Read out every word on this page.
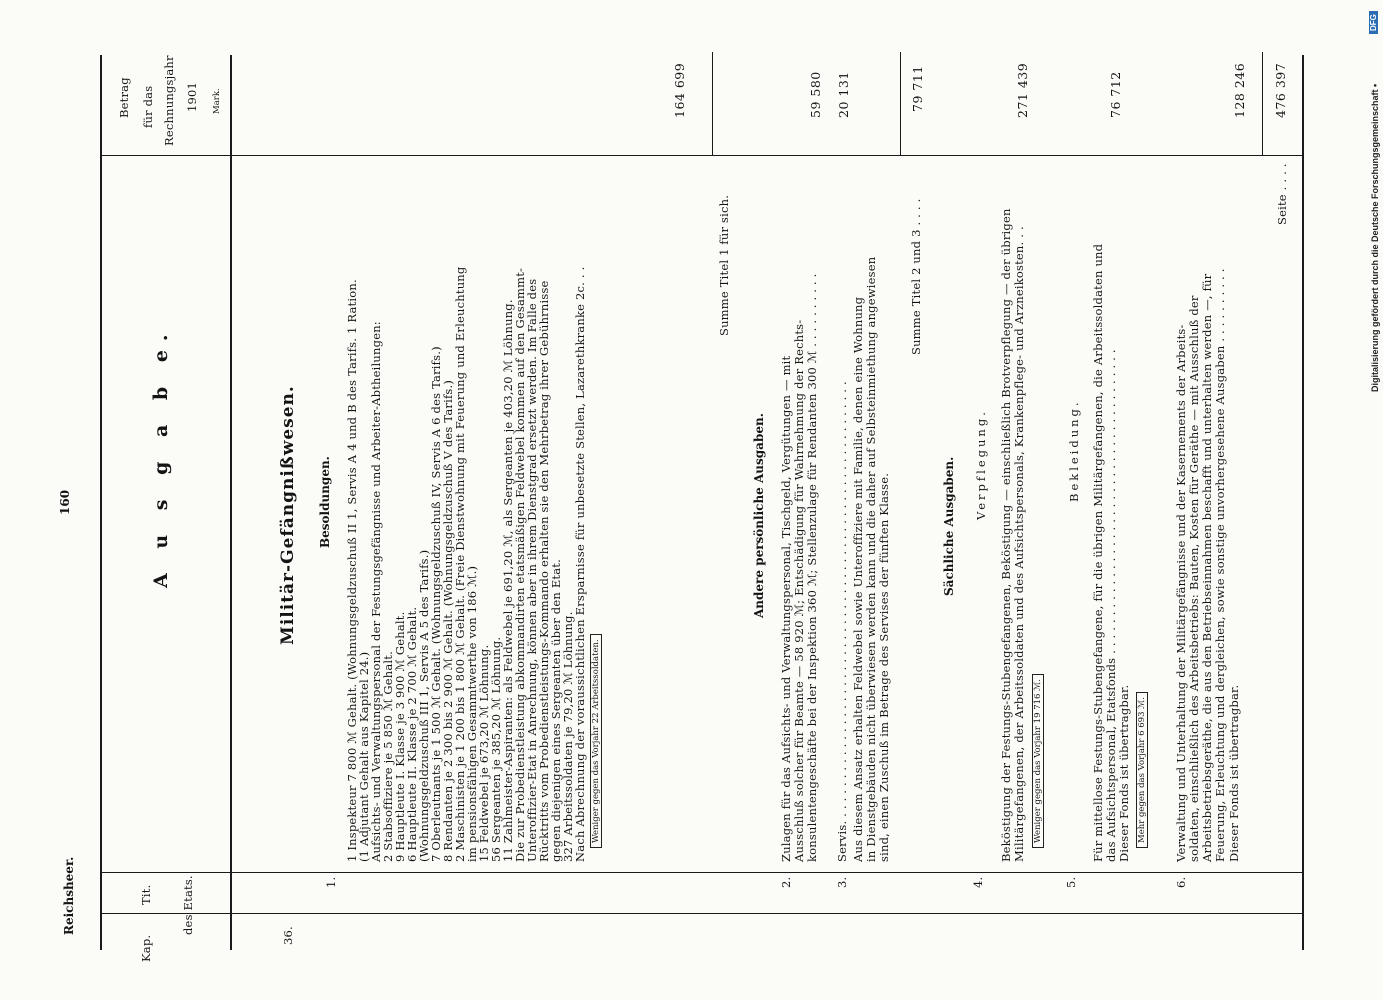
Reichsheer.
160
Kap.
Tit. des Etats.
A u s g a b e.
Betrag für das Rechnungsjahr 1901 Mark.
36.
Militär-Gefängnißwesen. Besoldungen.
1.
1 Inspekteur 7 800 ℳ Gehalt. (Wohnungsgeldzuschuß II 1, Servis A 4 und B des Tarifs. 1 Ration.
(1 Adjutant Gehalt aus Kapitel 24.)
Aufsichts- und Verwaltungspersonal der Festungsgefängnisse und Arbeiter-Abtheilungen:
2 Stabsoffiziere je 5 850 ℳ Gehalt.
9 Hauptleute I. Klasse je 3 900 ℳ Gehalt.
6 Hauptleute II. Klasse je 2 700 ℳ Gehalt.
(Wohnungsgeldzuschuß III 1, Servis A 5 des Tarifs.)
7 Oberleutnants je 1 500 ℳ Gehalt. (Wohnungsgeldzuschuß IV, Servis A 6 des Tarifs.)
8 Rendanten je 2 300 bis 2 900 ℳ Gehalt. (Wohnungsgeldzuschuß V des Tarifs.)
2 Maschinisten je 1 200 bis 1 800 ℳ Gehalt. (Freie Dienstwohnung mit Feuerung und Erleuchtung
im pensionsfähigen Gesammtwerthe von 186 ℳ.)
15 Feldwebel je 673,20 ℳ Löhnung.
56 Sergeanten je 385,20 ℳ Löhnung.
11 Zahlmeister-Aspiranten: als Feldwebel je 691,20 ℳ, als Sergeanten je 403,20 ℳ Löhnung.
Die zur Probedienstleistung abkommandirten etatsmäßigen Feldwebel kommen auf den Gesammt-
Unteroffizier-Etat in Anrechnung, können aber in ihrem Dienstgrad ersetzt werden. Im Falle des
Rücktritts vom Probedienstleistungs-Kommando erhalten sie den Mehrbetrag ihrer Gebührnisse
gegen diejenigen eines Sergeanten über den Etat.
327 Arbeitssoldaten je 79,20 ℳ Löhnung.
Nach Abrechnung der voraussichtlichen Ersparnisse für unbesetzte Stellen, Lazarethkranke 2c. . . Weniger gegen das Vorjahr 22 Arbeitssoldaten.
164 699
Summe Titel 1 für sich.
Andere persönliche Ausgaben.
2.
Zulagen für das Aufsichts- und Verwaltungspersonal, Tischgeld, Vergütungen — mit Ausschluß solcher für Beamte — 58 920 ℳ; Entschädigung für Wahrnehmung der Rechts- konsulentengeschäfte bei der Inspektion 360 ℳ; Stellenzulage für Rendanten 300 ℳ . . . . . . . . . .
59 580
3.
Servis. . . . . . . . . . . . . . . . . . . . . . . . . . . . . . . . . . . . . . . . . . . . . . . . . . . . . . . . . . Aus diesem Ansatz erhalten Feldwebel sowie Unteroffiziere mit Familie, denen eine Wohnung in Dienstgebäuden nicht überwiesen werden kann und die daher auf Selbsteinmiethung angewiesen sind, einen Zuschuß im Betrage des Servises der fünften Klasse.
20 131
Summe Titel 2 und 3 . . . .
79 711
Sächliche Ausgaben. Verpflegung.
4.
Beköstigung der Festungs-Stubengefangenen, Beköstigung — einschließlich Brotverpflegung — der übrigen Militärgefangenen, der Arbeitssoldaten und des Aufsichtspersonals, Krankenpflege- und Arzneikosten. . . Weniger gegen das Vorjahr 19 716 ℳ.
271 439
Bekleidung.
5.
Für mittellose Festungs-Stubengefangene, für die übrigen Militärgefangenen, die Arbeitssoldaten und das Aufsichtspersonal, Etatsfonds . . . . . . . . . . . . . . . . . . . . . . . . . . . . . . . . . . . . . . . . Dieser Fonds ist übertragbar. Mehr gegen das Vorjahr 6 693 ℳ.
76 712
6.
Verwaltung und Unterhaltung der Militärgefängnisse und der Kasernements der Arbeits- soldaten, einschließlich des Arbeitsbetriebs: Bauten, Kosten für Geräthe — mit Ausschluß der Arbeitsbetriebsgeräthe, die aus den Betriebseinnahmen beschafft und unterhalten werden —, für Feuerung, Erleuchtung und dergleichen, sowie sonstige unvorhergesehene Ausgaben . . . . . . . . . . Dieser Fonds ist übertragbar.
128 246
Seite . . . .
476 397	Digitalisierung gefördert durch die Deutsche Forschungsgemeinschaft •
DFG
